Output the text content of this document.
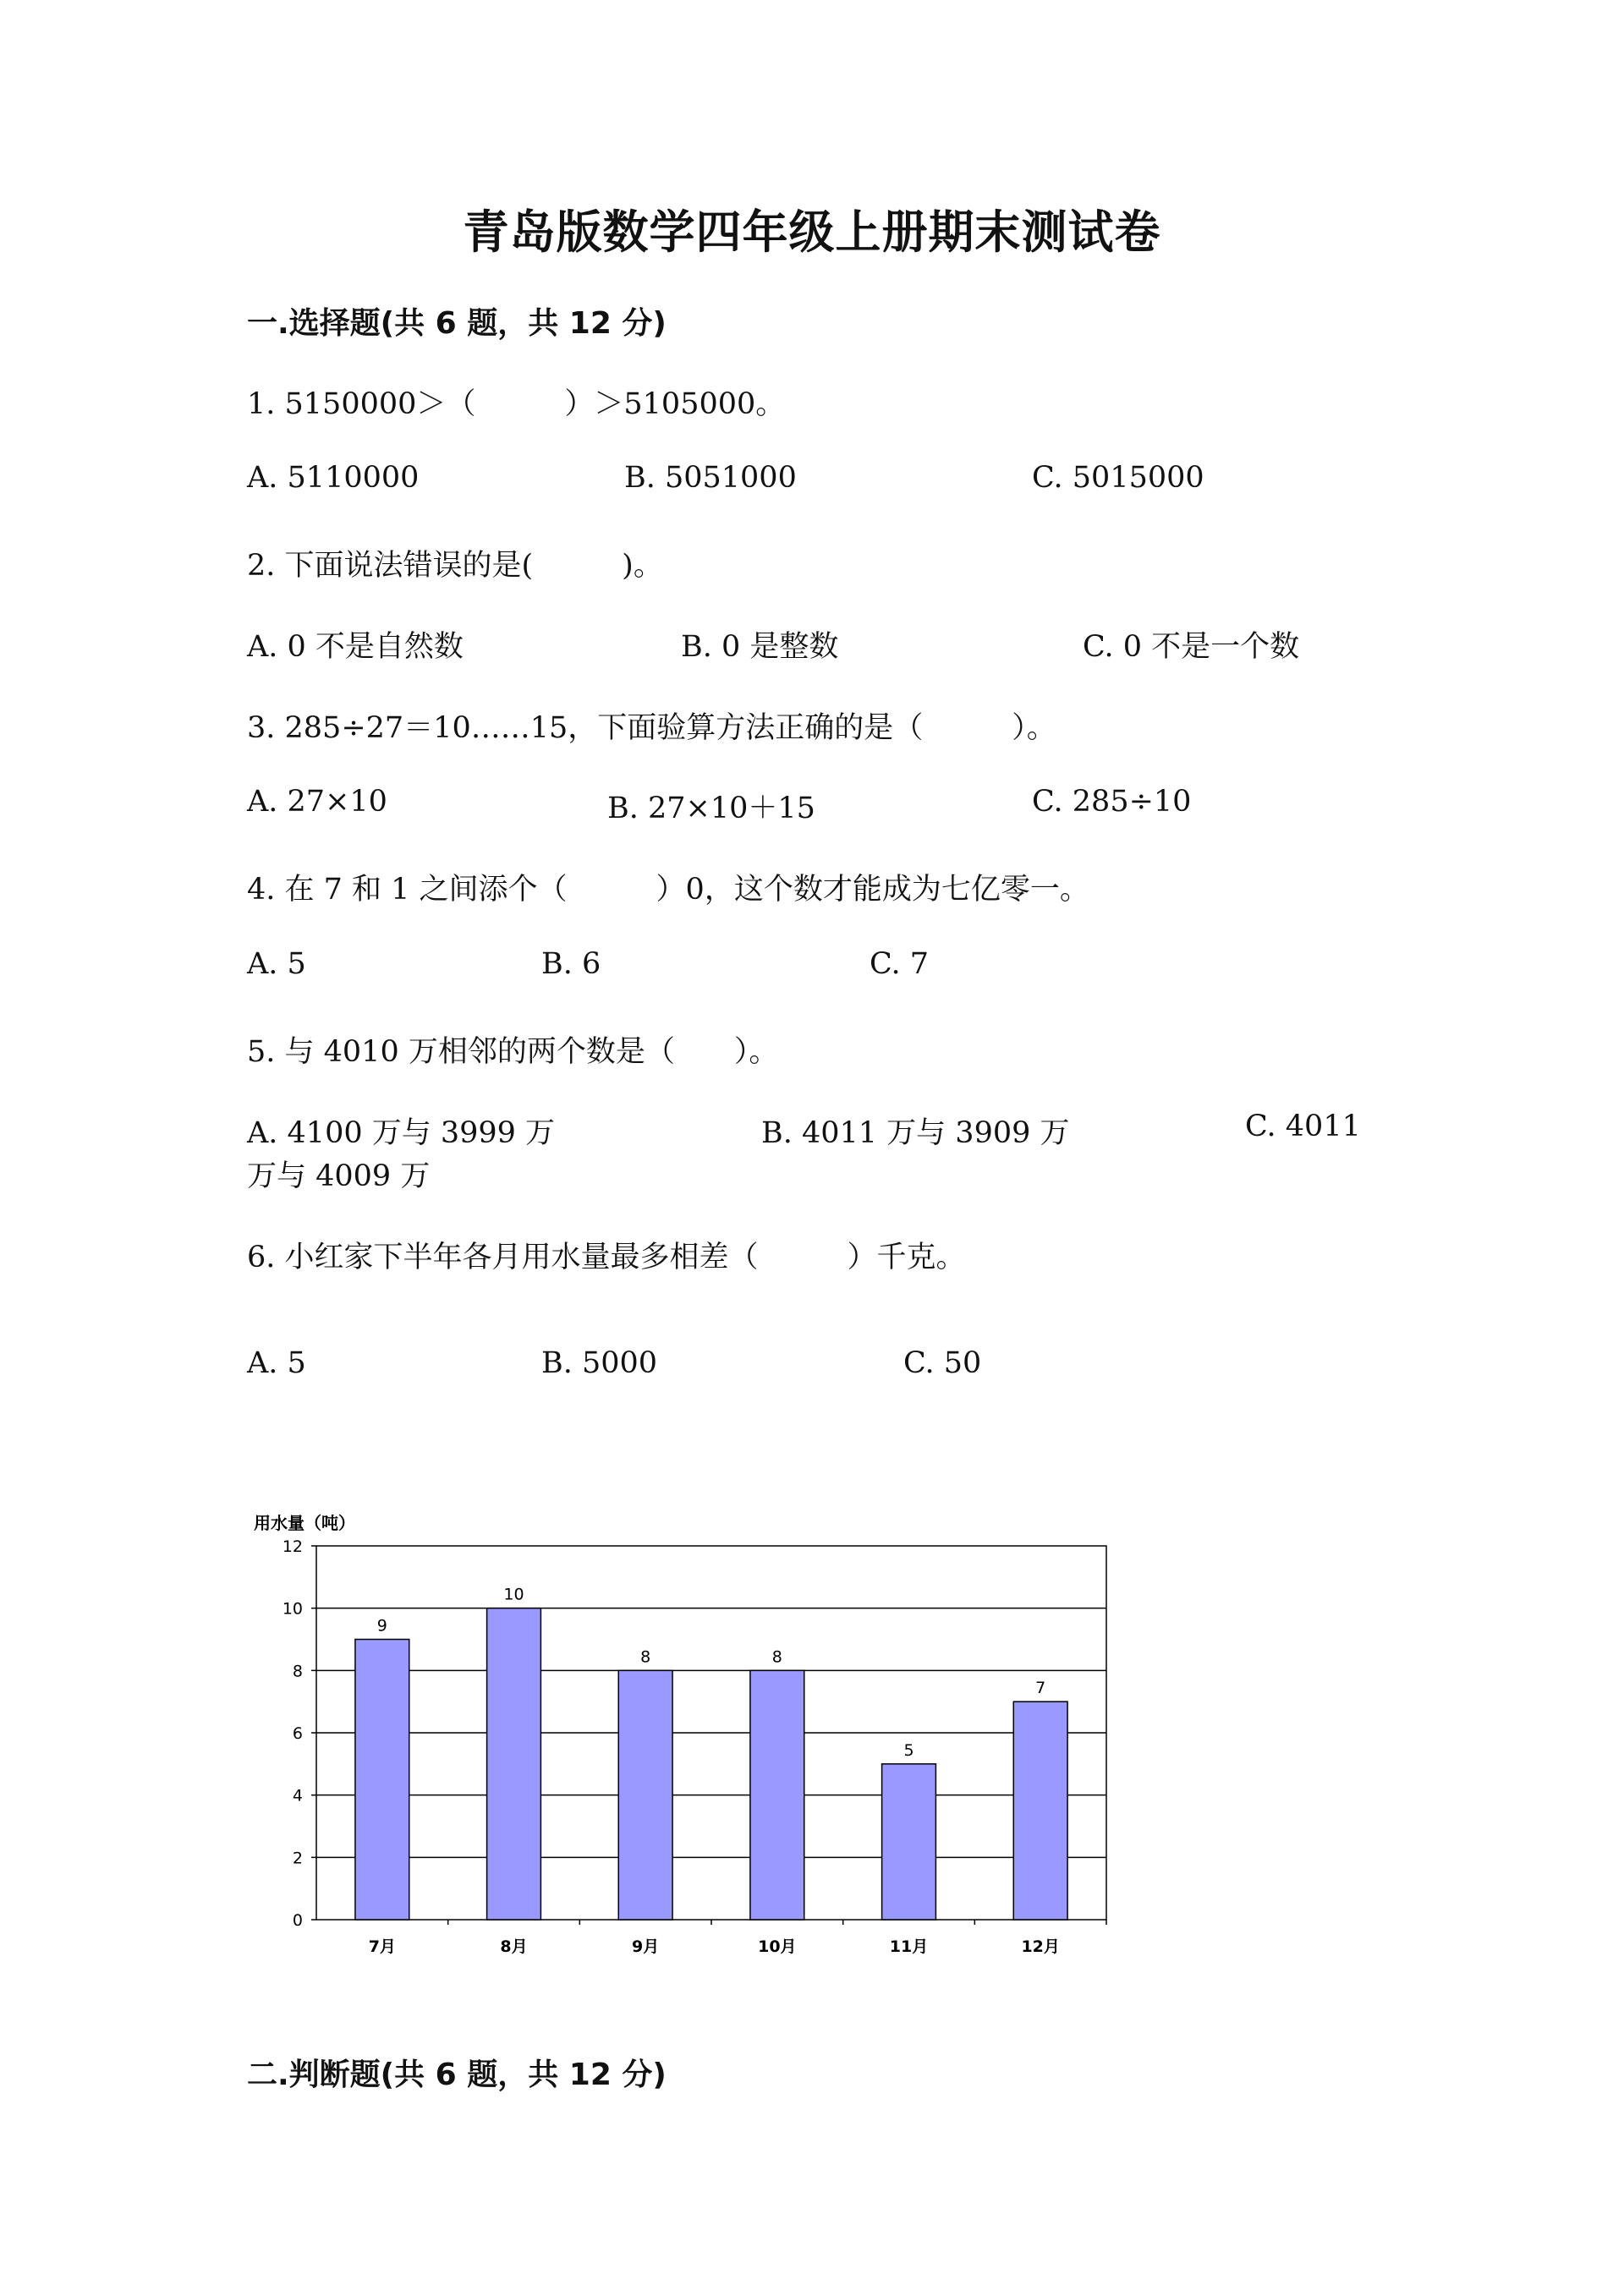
青岛版数学四年级上册期末测试卷
一.选择题(共 6 题，共 12 分)
1. 5150000＞（　　　）＞5105000。
A. 5110000	B. 5051000	C. 5015000
2. 下面说法错误的是(　　　)。
A. 0 不是自然数	B. 0 是整数	C. 0 不是一个数
3. 285÷27＝10……15，下面验算方法正确的是（　　　）。
A. 27×10	B. 27×10＋15	C. 285÷10
4. 在 7 和 1 之间添个（　　　）0，这个数才能成为七亿零一。
A. 5	B. 6	C. 7
5. 与 4010 万相邻的两个数是（　　）。
A. 4100 万与 3999 万	B. 4011 万与 3909 万	C. 4011
万与 4009 万
6. 小红家下半年各月用水量最多相差（　　　）千克。
A. 5	B. 5000	C. 50
用水量（吨）
0
2
4
6
8
10
12
9
7月
10
8月
8
9月
8
10月
5
11月
7
12月
二.判断题(共 6 题，共 12 分)
